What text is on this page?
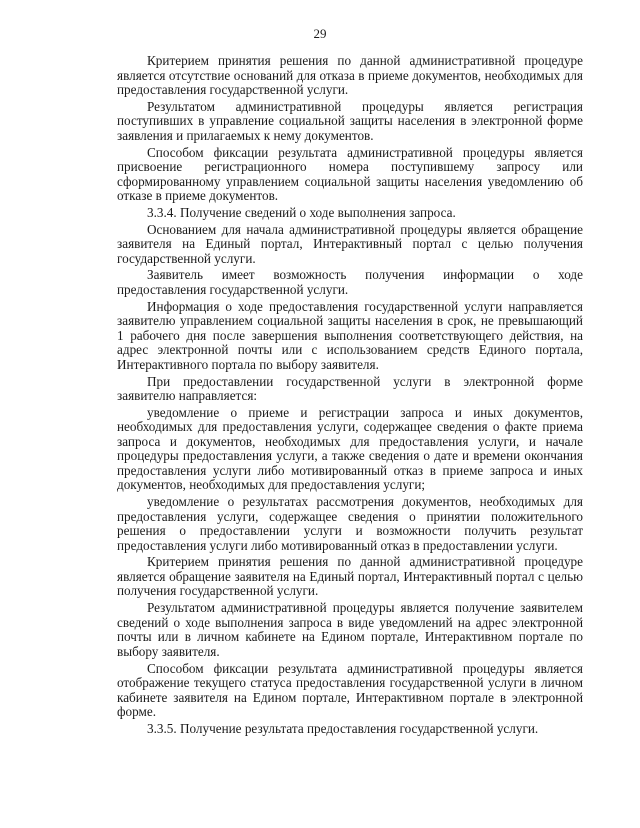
29

Критерием принятия решения по данной административной процедуре является отсутствие оснований для отказа в приеме документов, необходимых для предоставления государственной услуги.

Результатом административной процедуры является регистрация поступивших в управление социальной защиты населения в электронной форме заявления и прилагаемых к нему документов.

Способом фиксации результата административной процедуры является присвоение регистрационного номера поступившему запросу или сформированному управлением социальной защиты населения уведомлению об отказе в приеме документов.

3.3.4. Получение сведений о ходе выполнения запроса.

Основанием для начала административной процедуры является обращение заявителя на Единый портал, Интерактивный портал с целью получения государственной услуги.

Заявитель имеет возможность получения информации о ходе предоставления государственной услуги.

Информация о ходе предоставления государственной услуги направляется заявителю управлением социальной защиты населения в срок, не превышающий 1 рабочего дня после завершения выполнения соответствующего действия, на адрес электронной почты или с использованием средств Единого портала, Интерактивного портала по выбору заявителя.

При предоставлении государственной услуги в электронной форме заявителю направляется:

уведомление о приеме и регистрации запроса и иных документов, необходимых для предоставления услуги, содержащее сведения о факте приема запроса и документов, необходимых для предоставления услуги, и начале процедуры предоставления услуги, а также сведения о дате и времени окончания предоставления услуги либо мотивированный отказ в приеме запроса и иных документов, необходимых для предоставления услуги;

уведомление о результатах рассмотрения документов, необходимых для предоставления услуги, содержащее сведения о принятии положительного решения о предоставлении услуги и возможности получить результат предоставления услуги либо мотивированный отказ в предоставлении услуги.

Критерием принятия решения по данной административной процедуре является обращение заявителя на Единый портал, Интерактивный портал с целью получения государственной услуги.

Результатом административной процедуры является получение заявителем сведений о ходе выполнения запроса в виде уведомлений на адрес электронной почты или в личном кабинете на Едином портале, Интерактивном портале по выбору заявителя.

Способом фиксации результата административной процедуры является отображение текущего статуса предоставления государственной услуги в личном кабинете заявителя на Едином портале, Интерактивном портале в электронной форме.

3.3.5. Получение результата предоставления государственной услуги.
